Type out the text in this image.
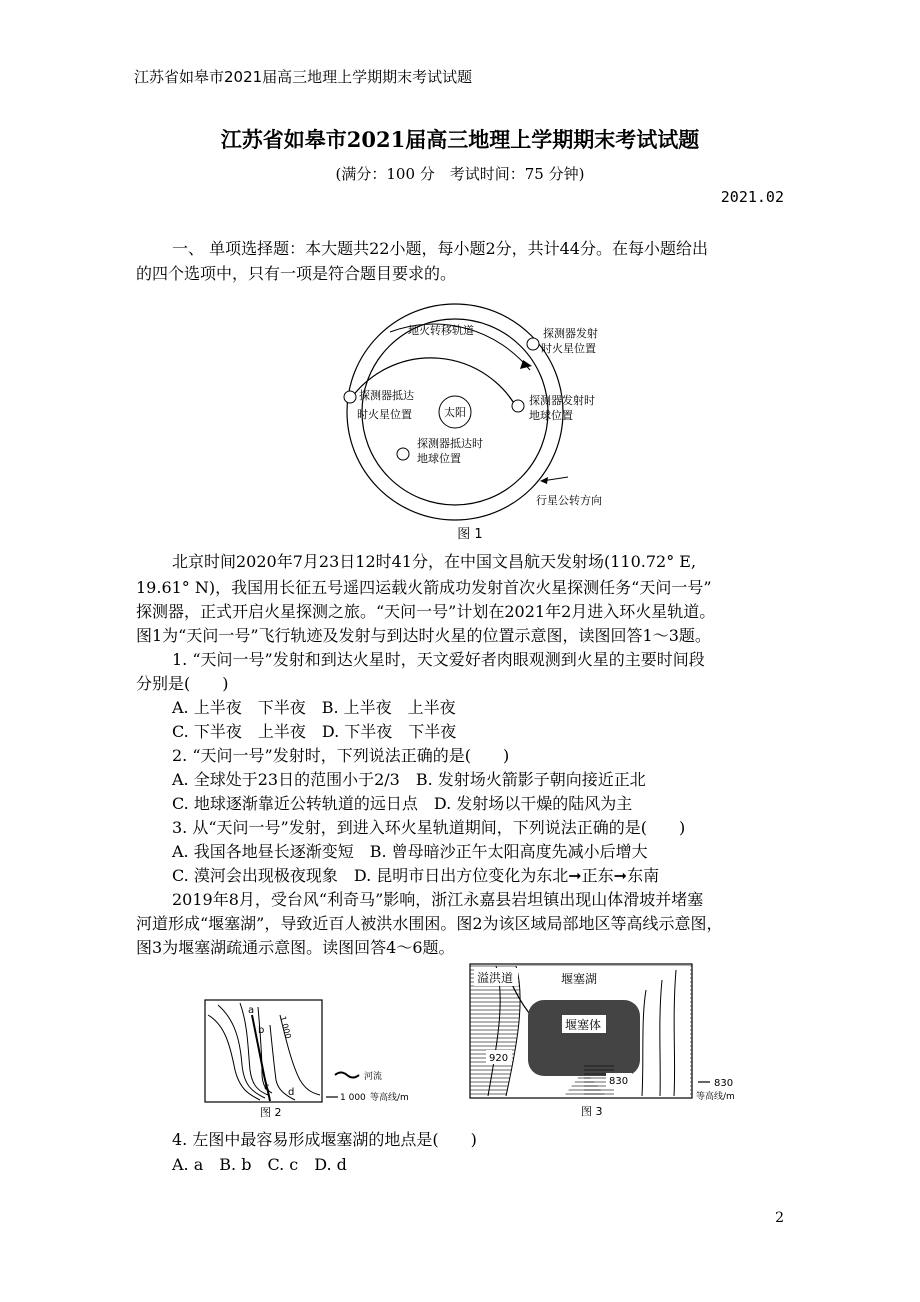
江苏省如皋市2021届高三地理上学期期末考试试题
江苏省如皋市2021届高三地理上学期期末考试试题
(满分：100 分　考试时间：75 分钟)
2021.02
一、 单项选择题：本大题共22小题，每小题2分，共计44分。在每小题给出
的四个选项中，只有一项是符合题目要求的。
太阳
地火转移轨道	探测器发射
时火星位置
探测器抵达
时火星位置
探测器发射时
地球位置
探测器抵达时
地球位置
行星公转方向
图 1
北京时间2020年7月23日12时41分，在中国文昌航天发射场(110.72° E,
19.61° N)，我国用长征五号遥四运载火箭成功发射首次火星探测任务“天问一号”
探测器，正式开启火星探测之旅。“天问一号”计划在2021年2月进入环火星轨道。
图1为“天问一号”飞行轨迹及发射与到达时火星的位置示意图，读图回答1～3题。
1. “天问一号”发射和到达火星时，天文爱好者肉眼观测到火星的主要时间段
分别是(　　)
A. 上半夜　下半夜　B. 上半夜　上半夜
C. 下半夜　上半夜　D. 下半夜　下半夜
2. “天问一号”发射时，下列说法正确的是(　　)
A. 全球处于23日的范围小于2/3　B. 发射场火箭影子朝向接近正北
C. 地球逐渐靠近公转轨道的远日点　D. 发射场以干燥的陆风为主
3. 从“天问一号”发射，到进入环火星轨道期间，下列说法正确的是(　　)
A. 我国各地昼长逐渐变短　B. 曾母暗沙正午太阳高度先减小后增大
C. 漠河会出现极夜现象　D. 昆明市日出方位变化为东北➞正东➞东南
2019年8月，受台风“利奇马”影响，浙江永嘉县岩坦镇出现山体滑坡并堵塞
河道形成“堰塞湖”，导致近百人被洪水围困。图2为该区域局部地区等高线示意图，
图3为堰塞湖疏通示意图。读图回答4～6题。
a
b
c d
1 000
河流
1 000 等高线/m
图 2
溢洪道	堰塞湖
堰塞体
920
830	830
等高线/m
图 3
4. 左图中最容易形成堰塞湖的地点是(　　)
A. a　B. b　C. c　D. d
2
